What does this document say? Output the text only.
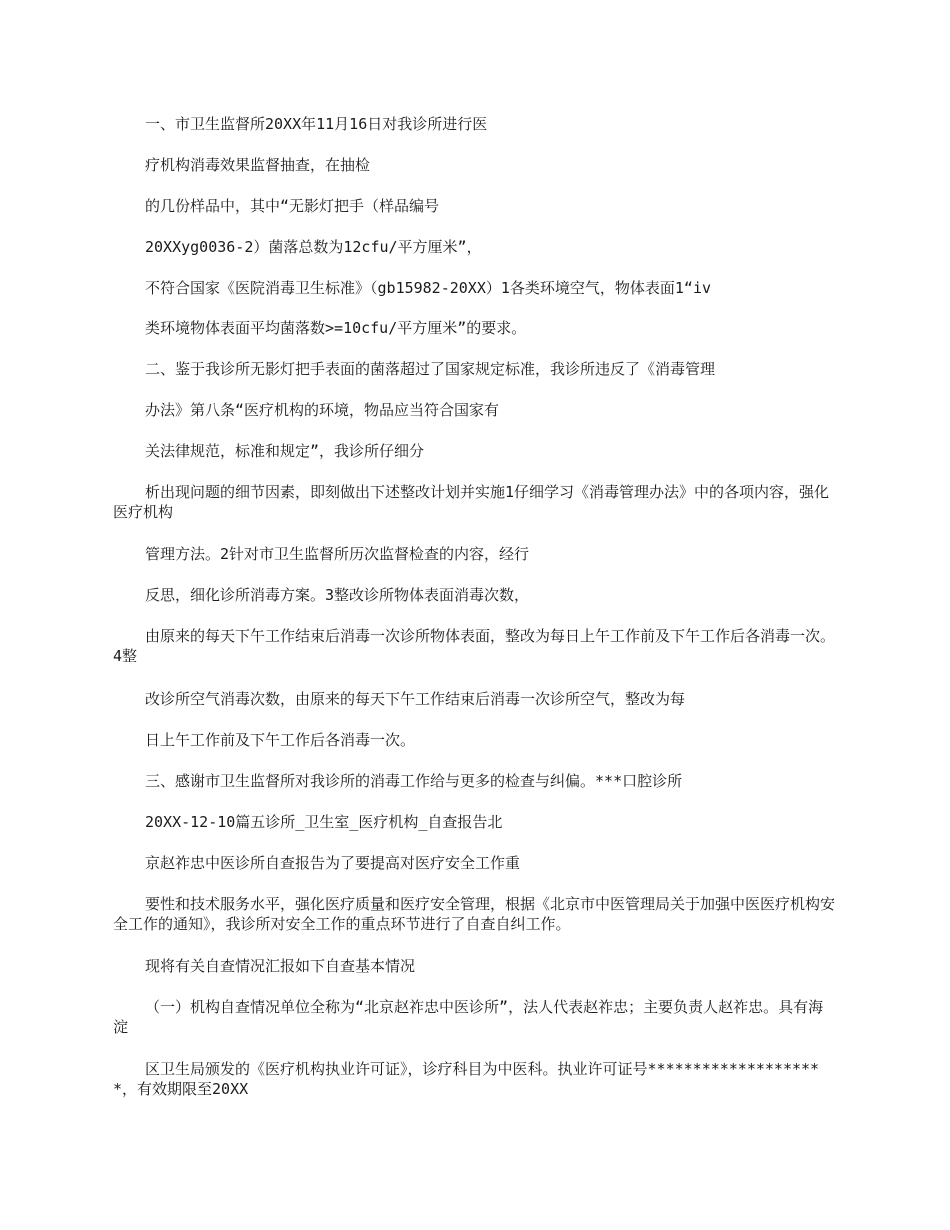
一、市卫生监督所20XX年11月16日对我诊所进行医

疗机构消毒效果监督抽查，在抽检

的几份样品中，其中“无影灯把手（样品编号

20XXyg0036-2）菌落总数为12cfu/平方厘米”，

不符合国家《医院消毒卫生标准》（gb15982-20XX）1各类环境空气，物体表面1“iv

类环境物体表面平均菌落数>=10cfu/平方厘米”的要求。

二、鉴于我诊所无影灯把手表面的菌落超过了国家规定标准，我诊所违反了《消毒管理

办法》第八条“医疗机构的环境，物品应当符合国家有

关法律规范，标准和规定”，我诊所仔细分

析出现问题的细节因素，即刻做出下述整改计划并实施1仔细学习《消毒管理办法》中的各项内容，强化医疗机构

管理方法。2针对市卫生监督所历次监督检查的内容，经行

反思，细化诊所消毒方案。3整改诊所物体表面消毒次数，

由原来的每天下午工作结束后消毒一次诊所物体表面，整改为每日上午工作前及下午工作后各消毒一次。4整

改诊所空气消毒次数，由原来的每天下午工作结束后消毒一次诊所空气，整改为每

日上午工作前及下午工作后各消毒一次。

三、感谢市卫生监督所对我诊所的消毒工作给与更多的检查与纠偏。***口腔诊所

20XX-12-10篇五诊所_卫生室_医疗机构_自查报告北

京赵祚忠中医诊所自查报告为了要提高对医疗安全工作重

要性和技术服务水平，强化医疗质量和医疗安全管理，根据《北京市中医管理局关于加强中医医疗机构安全工作的通知》，我诊所对安全工作的重点环节进行了自查自纠工作。

现将有关自查情况汇报如下自查基本情况

（一）机构自查情况单位全称为“北京赵祚忠中医诊所”，法人代表赵祚忠；主要负责人赵祚忠。具有海淀

区卫生局颁发的《医疗机构执业许可证》，诊疗科目为中医科。执业许可证号********************，有效期限至20XX
